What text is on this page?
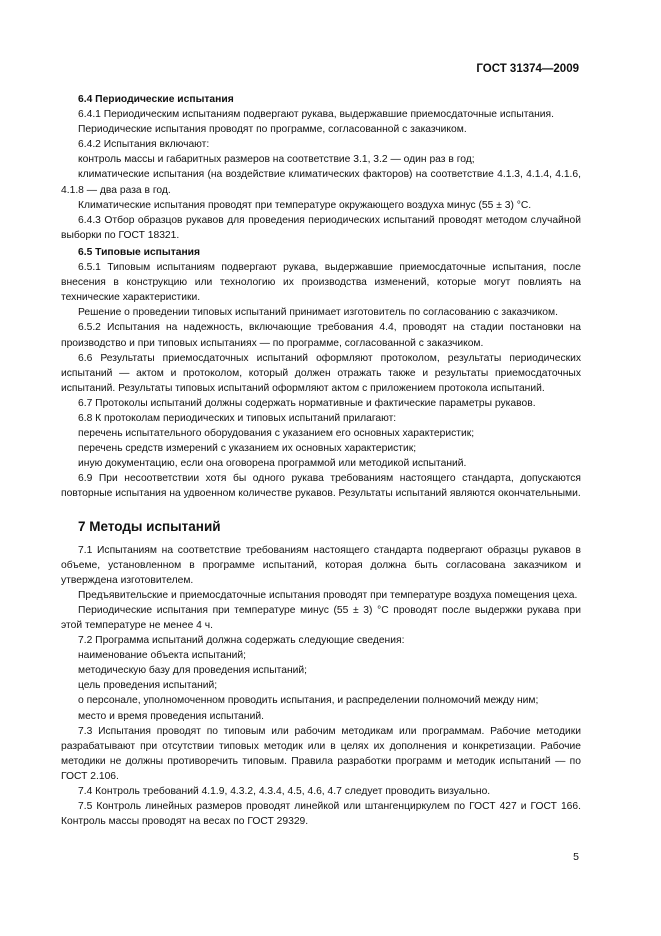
ГОСТ 31374—2009
6.4 Периодические испытания

6.4.1 Периодическим испытаниям подвергают рукава, выдержавшие приемосдаточные испытания.

Периодические испытания проводят по программе, согласованной с заказчиком.

6.4.2 Испытания включают:

контроль массы и габаритных размеров на соответствие 3.1, 3.2 — один раз в год;

климатические испытания (на воздействие климатических факторов) на соответствие 4.1.3, 4.1.4, 4.1.6, 4.1.8 — два раза в год.

Климатические испытания проводят при температуре окружающего воздуха минус (55 ± 3) °C.

6.4.3 Отбор образцов рукавов для проведения периодических испытаний проводят методом случайной выборки по ГОСТ 18321.

6.5 Типовые испытания

6.5.1 Типовым испытаниям подвергают рукава, выдержавшие приемосдаточные испытания, после внесения в конструкцию или технологию их производства изменений, которые могут повлиять на технические характеристики.

Решение о проведении типовых испытаний принимает изготовитель по согласованию с заказчиком.

6.5.2 Испытания на надежность, включающие требования 4.4, проводят на стадии постановки на производство и при типовых испытаниях — по программе, согласованной с заказчиком.

6.6 Результаты приемосдаточных испытаний оформляют протоколом, результаты периодических испытаний — актом и протоколом, который должен отражать также и результаты приемосдаточных испытаний. Результаты типовых испытаний оформляют актом с приложением протокола испытаний.

6.7 Протоколы испытаний должны содержать нормативные и фактические параметры рукавов.

6.8 К протоколам периодических и типовых испытаний прилагают:

перечень испытательного оборудования с указанием его основных характеристик;

перечень средств измерений с указанием их основных характеристик;

иную документацию, если она оговорена программой или методикой испытаний.

6.9 При несоответствии хотя бы одного рукава требованиям настоящего стандарта, допускаются повторные испытания на удвоенном количестве рукавов. Результаты испытаний являются окончательными.

7 Методы испытаний

7.1 Испытаниям на соответствие требованиям настоящего стандарта подвергают образцы рукавов в объеме, установленном в программе испытаний, которая должна быть согласована заказчиком и утверждена изготовителем.

Предъявительские и приемосдаточные испытания проводят при температуре воздуха помещения цеха.

Периодические испытания при температуре минус (55 ± 3) °C проводят после выдержки рукава при этой температуре не менее 4 ч.

7.2 Программа испытаний должна содержать следующие сведения:

наименование объекта испытаний;

методическую базу для проведения испытаний;

цель проведения испытаний;

о персонале, уполномоченном проводить испытания, и распределении полномочий между ним;

место и время проведения испытаний.

7.3 Испытания проводят по типовым или рабочим методикам или программам. Рабочие методики разрабатывают при отсутствии типовых методик или в целях их дополнения и конкретизации. Рабочие методики не должны противоречить типовым. Правила разработки программ и методик испытаний — по ГОСТ 2.106.

7.4 Контроль требований 4.1.9, 4.3.2, 4.3.4, 4.5, 4.6, 4.7 следует проводить визуально.

7.5 Контроль линейных размеров проводят линейкой или штангенциркулем по ГОСТ 427 и ГОСТ 166. Контроль массы проводят на весах по ГОСТ 29329.

5
